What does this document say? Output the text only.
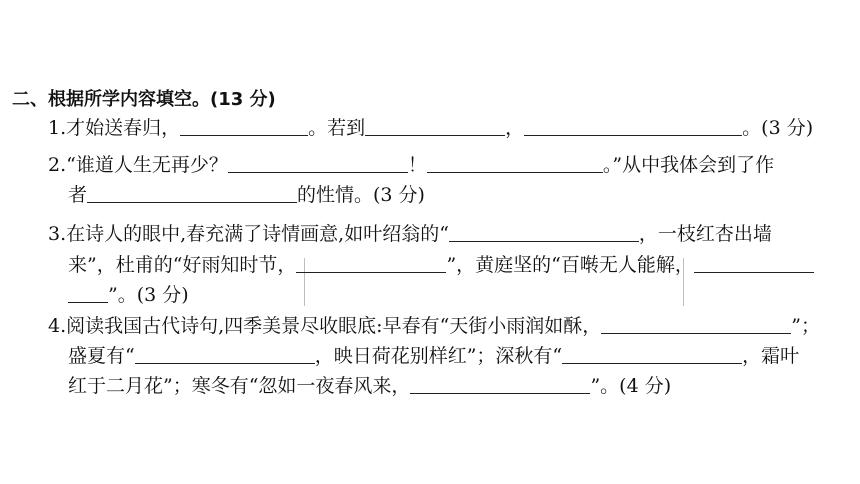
二、根据所学内容填空。(13 分)
1.才始送春归，	。若到	，	。(3 分)
2.“谁道人生无再少？	！	。”从中我体会到了作
者	的性情。(3 分)
3.在诗人的眼中,春充满了诗情画意,如叶绍翁的“	，一枝红杏出墙
来”，杜甫的“好雨知时节，	”，黄庭坚的“百啭无人能解，
”。(3 分)
4.阅读我国古代诗句,四季美景尽收眼底:早春有“天街小雨润如酥，	”；
盛夏有“	，映日荷花别样红”；深秋有“	，霜叶
红于二月花”；寒冬有“忽如一夜春风来，	”。(4 分)
